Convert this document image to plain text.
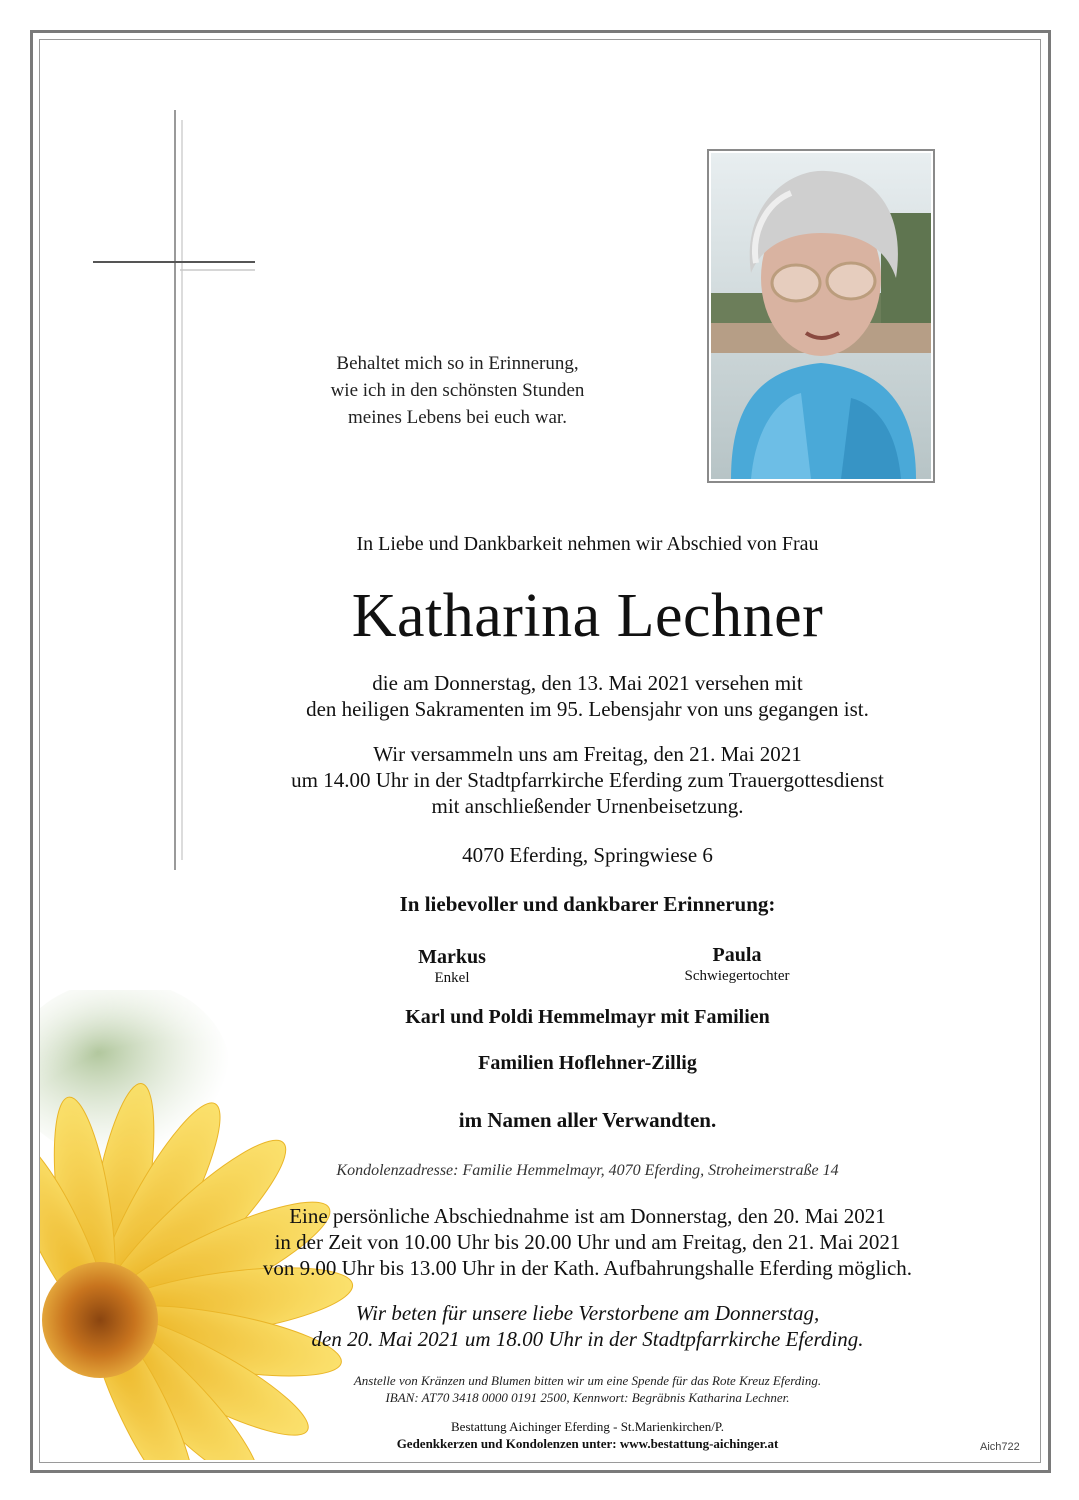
Behaltet mich so in Erinnerung,
wie ich in den schönsten Stunden
meines Lebens bei euch war.
In Liebe und Dankbarkeit nehmen wir Abschied von Frau
Katharina Lechner
die am Donnerstag, den 13. Mai 2021 versehen mit
den heiligen Sakramenten im 95. Lebensjahr von uns gegangen ist.
Wir versammeln uns am Freitag, den 21. Mai 2021
um 14.00 Uhr in der Stadtpfarrkirche Eferding zum Trauergottesdienst
mit anschließender Urnenbeisetzung.
4070 Eferding, Springwiese 6
In liebevoller und dankbarer Erinnerung:
Markus
Enkel
Paula
Schwiegertochter
Karl und Poldi Hemmelmayr mit Familien
Familien Hoflehner-Zillig
im Namen aller Verwandten.
Kondolenzadresse: Familie Hemmelmayr, 4070 Eferding, Stroheimerstraße 14
Eine persönliche Abschiednahme ist am Donnerstag, den 20. Mai 2021
in der Zeit von 10.00 Uhr bis 20.00 Uhr und am Freitag, den 21. Mai 2021
von 9.00 Uhr bis 13.00 Uhr in der Kath. Aufbahrungshalle Eferding möglich.
Wir beten für unsere liebe Verstorbene am Donnerstag,
den 20. Mai 2021 um 18.00 Uhr in der Stadtpfarrkirche Eferding.
Anstelle von Kränzen und Blumen bitten wir um eine Spende für das Rote Kreuz Eferding.
IBAN: AT70 3418 0000 0191 2500, Kennwort: Begräbnis Katharina Lechner.
Bestattung Aichinger Eferding - St.Marienkirchen/P.
Gedenkkerzen und Kondolenzen unter: www.bestattung-aichinger.at	Aich722
